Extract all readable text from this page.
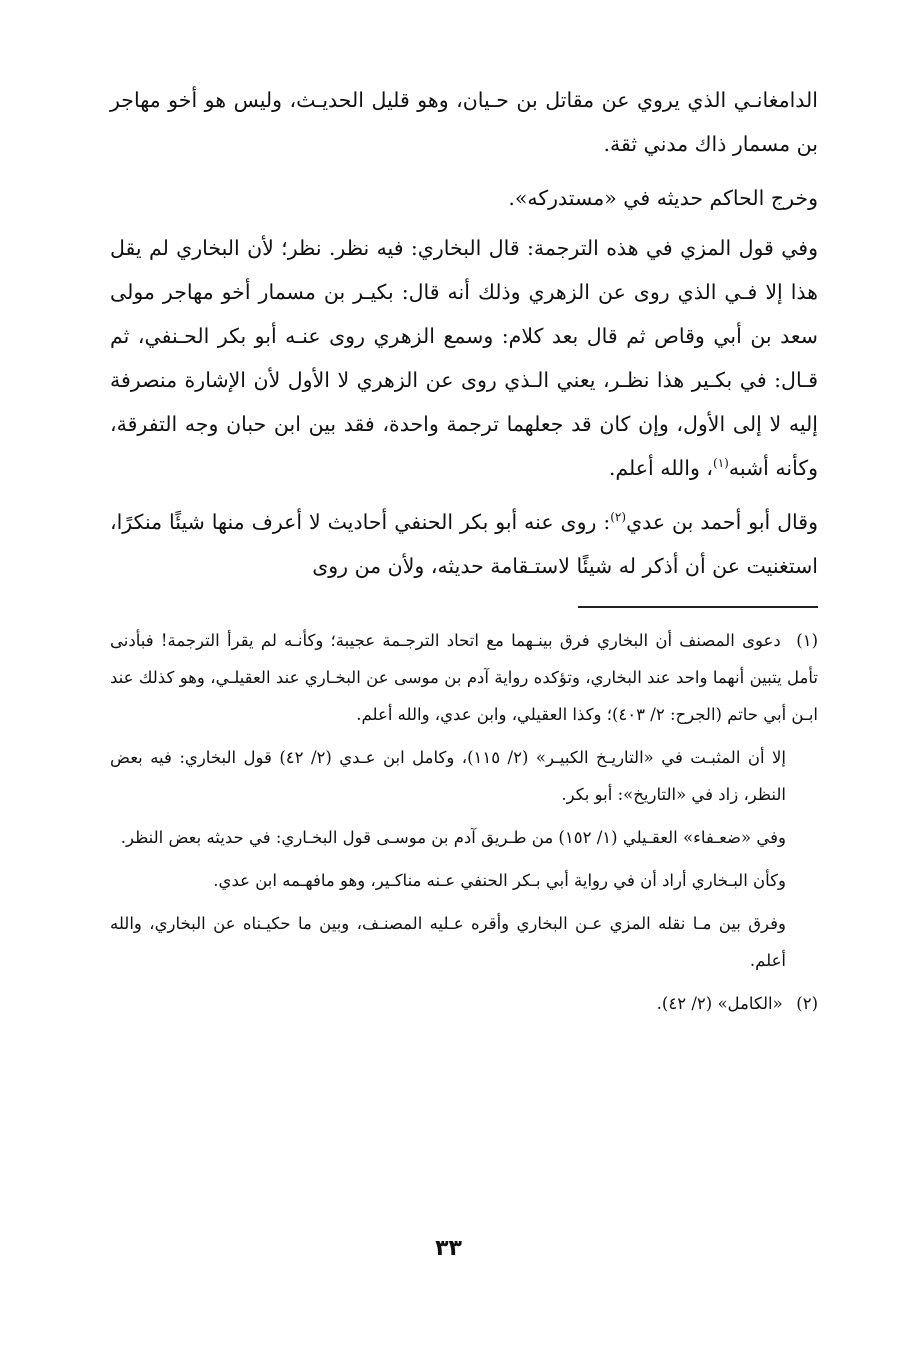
الدامغانـي الذي يروي عن مقاتل بن حـيان، وهو قليل الحديـث، وليس هو أخو مهاجر بن مسمار ذاك مدني ثقة.

وخرج الحاكم حديثه في «مستدركه».

وفي قول المزي في هذه الترجمة: قال البخاري: فيه نظر. نظر؛ لأن البخاري لم يقل هذا إلا فـي الذي روى عن الزهري وذلك أنه قال: بكيـر بن مسمار أخو مهاجر مولى سعد بن أبي وقاص ثم قال بعد كلام: وسمع الزهري روى عنـه أبو بكر الحـنفي، ثم قـال: في بكـير هذا نظـر، يعني الـذي روى عن الزهري لا الأول لأن الإشارة منصرفة إليه لا إلى الأول، وإن كان قد جعلهما ترجمة واحدة، فقد بين ابن حبان وجه التفرقة، وكأنه أشبه$^{(١)}$، والله أعلم.

وقال أبو أحمد بن عدي$^{(٢)}$: روى عنه أبو بكر الحنفي أحاديث لا أعرف منها شيئًا منكرًا، استغنيت عن أن أذكر له شيئًا لاستـقامة حديثه، ولأن من روى

(١) دعوى المصنف أن البخاري فرق بينـهما مع اتحاد الترجـمة عجيبة؛ وكأنـه لم يقرأ الترجمة! فبأدنى تأمل يتبين أنهما واحد عند البخاري، وتؤكده رواية آدم بن موسى عن البخـاري عند العقيلـي، وهو كذلك عند ابـن أبي حاتم (الجرح: ٢/ ٤٠٣)؛ وكذا العقيلي، وابن عدي، والله أعلم.

إلا أن المثبـت في «التاريـخ الكبيـر» (٢/ ١١٥)، وكامل ابن عـدي (٢/ ٤٢) قول البخاري: فيه بعض النظر، زاد في «التاريخ»: أبو بكر.

وفي «ضعـفاء» العقـيلي (١/ ١٥٢) من طـريق آدم بن موسـى قول البخـاري: في حديثه بعض النظر.

وكأن البـخاري أراد أن في رواية أبي بـكر الحنفي عـنه مناكـير، وهو مافهـمه ابن عدي.

وفرق بين مـا نقله المزي عـن البخاري وأقره عـليه المصنـف، وبين ما حكيـناه عن البخاري، والله أعلم.

(٢) «الكامل» (٢/ ٤٢).

٣٣
